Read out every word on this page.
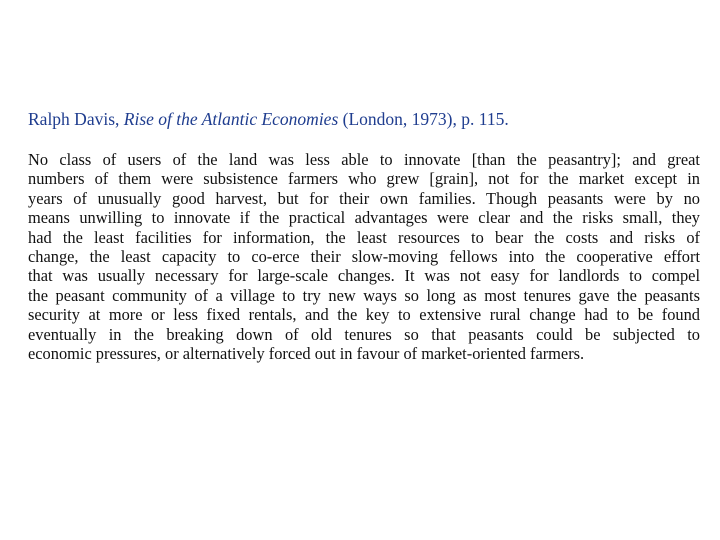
Ralph Davis, Rise of the Atlantic Economies (London, 1973), p. 115.
No class of users of the land was less able to innovate [than the peasantry]; and great
numbers of them were subsistence farmers who grew [grain], not for the market except in
years of unusually good harvest, but for their own families. Though peasants were by no
means unwilling to innovate if the practical advantages were clear and the risks small, they
had the least facilities for information, the least resources to bear the costs and risks of
change, the least capacity to co-erce their slow-moving fellows into the cooperative effort
that was usually necessary for large-scale changes. It was not easy for landlords to compel
the peasant community of a village to try new ways so long as most tenures gave the peasants
security at more or less fixed rentals, and the key to extensive rural change had to be found
eventually in the breaking down of old tenures so that peasants could be subjected to
economic pressures, or alternatively forced out in favour of market-oriented farmers.
